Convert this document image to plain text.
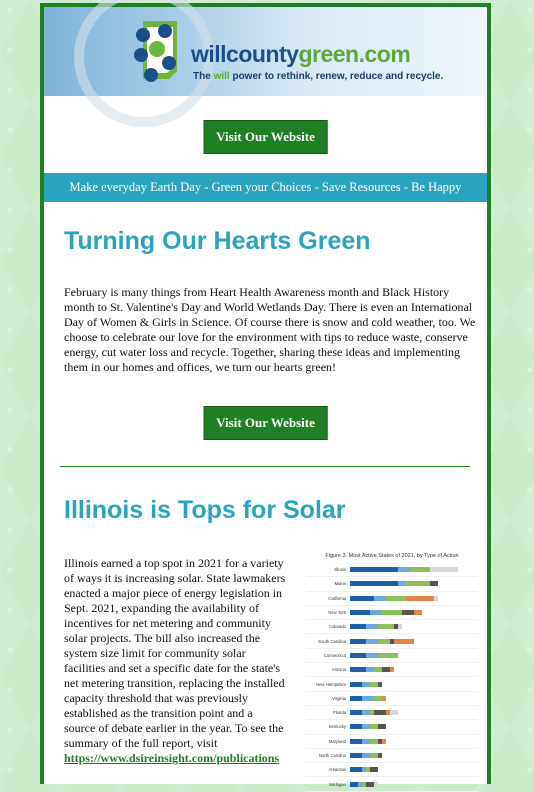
willcountygreen.com
The will power to rethink, renew, reduce and recycle.
Visit Our Website
Make everyday Earth Day - Green your Choices - Save Resources - Be Happy
Turning Our Hearts Green
February is many things from Heart Health Awareness month and Black History month to St. Valentine's Day and World Wetlands Day. There is even an International Day of Women & Girls in Science. Of course there is snow and cold weather, too. We choose to celebrate our love for the environment with tips to reduce waste, conserve energy, cut water loss and recycle. Together, sharing these ideas and implementing them in our homes and offices, we turn our hearts green!
Visit Our Website
Illinois is Tops for Solar
Illinois earned a top spot in 2021 for a variety of ways it is increasing solar. State lawmakers enacted a major piece of energy legislation in Sept. 2021, expanding the availability of incentives for net metering and community solar projects. The bill also increased the system size limit for community solar facilities and set a specific date for the state's net metering transition, replacing the installed capacity threshold that was previously established as the transition point and a source of debate earlier in the year. To see the summary of the full report, visit https://www.dsireinsight.com/publications
Figure 3. Most Active States of 2021, by Type of Action
Illinois
Maine
California
New York
Colorado
South Carolina
Connecticut
Arizona
New Hampshire
Virginia
Florida
Kentucky
Maryland
North Carolina
Arkansas
Michigan
